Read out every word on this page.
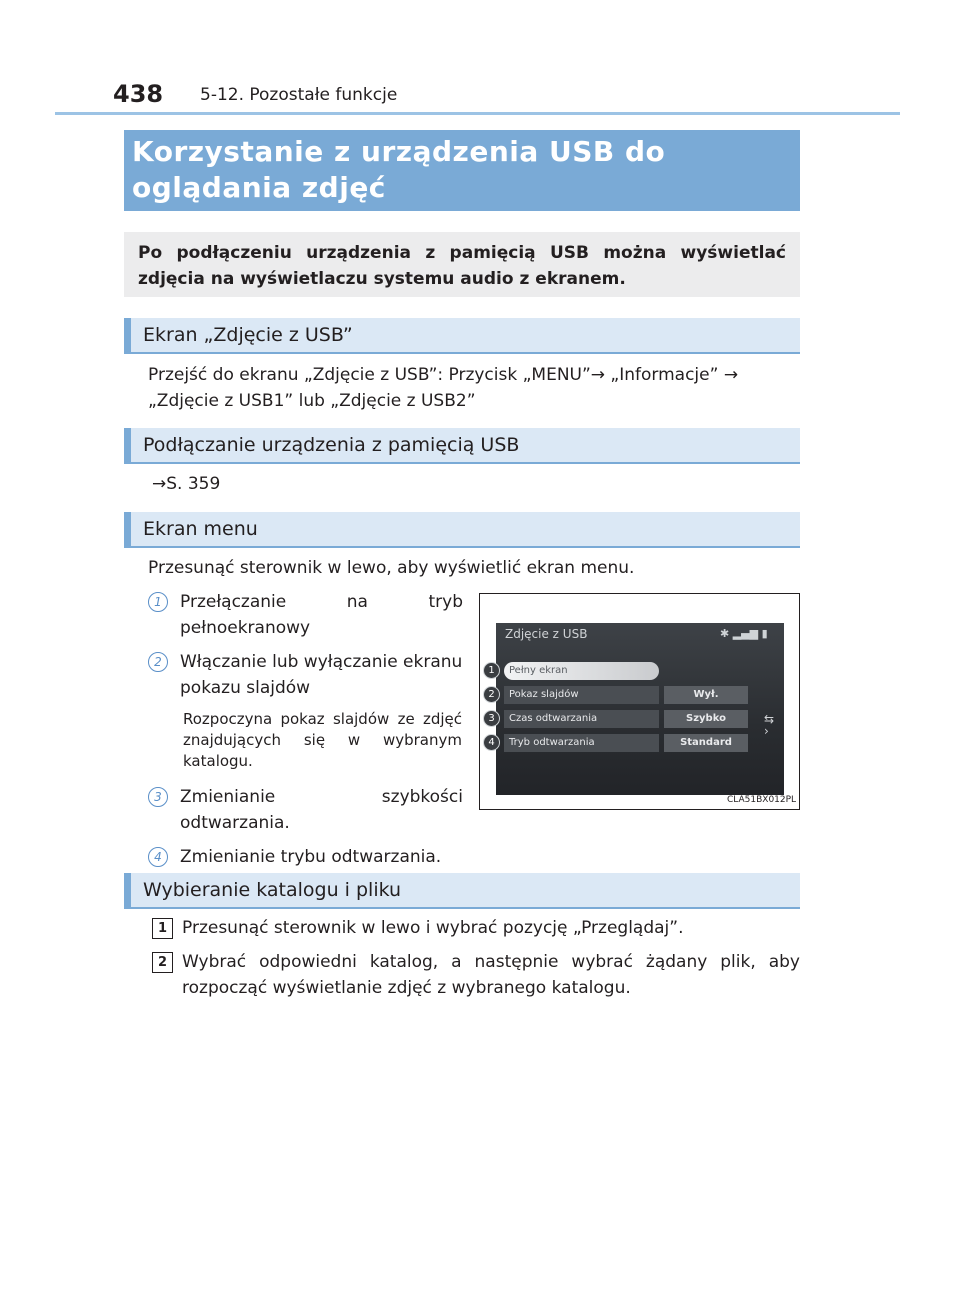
438 5-12. Pozostałe funkcje
Korzystanie z urządzenia USB do oglądania zdjęć
Po podłączeniu urządzenia z pamięcią USB można wyświetlać zdjęcia na wyświetlaczu systemu audio z ekranem.
Ekran „Zdjęcie z USB”
Przejść do ekranu „Zdjęcie z USB”: Przycisk „MENU”→ „Informacje” →
„Zdjęcie z USB1” lub „Zdjęcie z USB2”
Podłączanie urządzenia z pamięcią USB
→S. 359
Ekran menu
Przesunąć sterownik w lewo, aby wyświetlić ekran menu.
1	Przełączanie na tryb pełnoekranowy
2	Włączanie lub wyłączanie ekranu pokazu slajdów
Rozpoczyna pokaz slajdów ze zdjęć znajdujących się w wybranym katalogu.
3	Zmienianie szybkości odtwarzania.
4	Zmienianie trybu odtwarzania.
Zdjęcie z USB	✱ ▂▄▆ ▮
Pełny ekran
Pokaz slajdów
Czas odtwarzania
Tryb odtwarzania
Wył.
Szybko
Standard
1
2
3
4
⇆
›
CLA51BX012PL
Wybieranie katalogu i pliku
1 Przesunąć sterownik w lewo i wybrać pozycję „Przeglądaj”.
2 Wybrać odpowiedni katalog, a następnie wybrać żądany plik, aby rozpocząć wyświetlanie zdjęć z wybranego katalogu.
